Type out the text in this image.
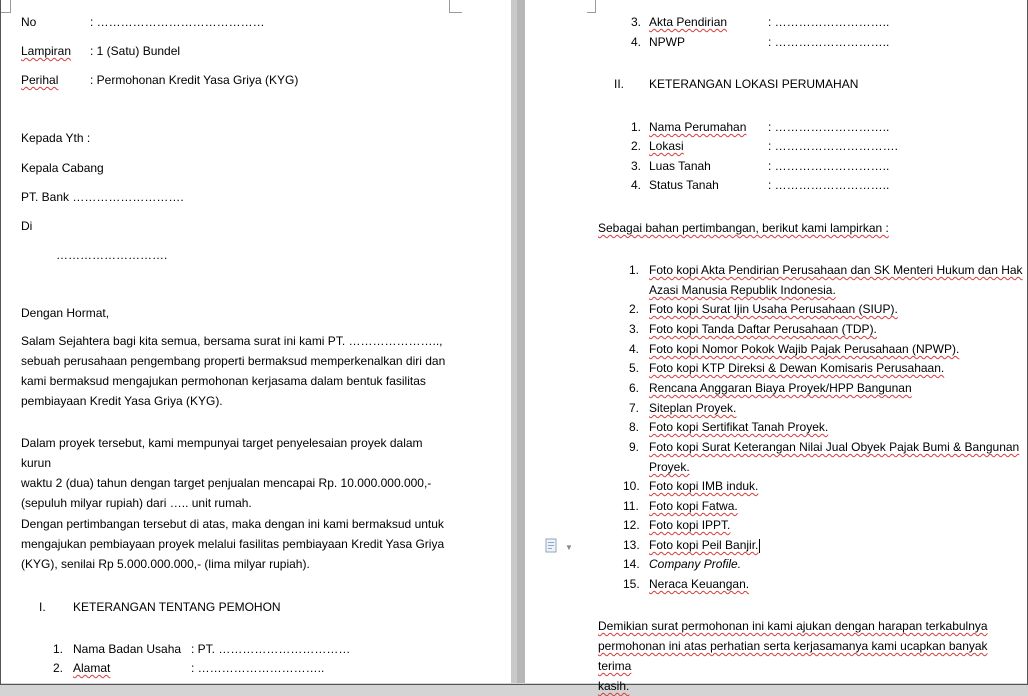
No	: ……………………………………
Lampiran : 1 (Satu) Bundel
Perihal	: Permohonan Kredit Yasa Griya (KYG)
Kepada Yth :
Kepala Cabang
PT. Bank ……………………….
Di
……………………….
Dengan Hormat,
Salam Sejahtera bagi kita semua, bersama surat ini kami PT. …………………..,
sebuah perusahaan pengembang properti bermaksud memperkenalkan diri dan
kami bermaksud mengajukan permohonan kerjasama dalam bentuk fasilitas
pembiayaan Kredit Yasa Griya (KYG).
Dalam proyek tersebut, kami mempunyai target penyelesaian proyek dalam kurun
waktu 2 (dua) tahun dengan target penjualan mencapai Rp. 10.000.000.000,-
(sepuluh milyar rupiah) dari ….. unit rumah.
Dengan pertimbangan tersebut di atas, maka dengan ini kami bermaksud untuk
mengajukan pembiayaan proyek melalui fasilitas pembiayaan Kredit Yasa Griya
(KYG), senilai Rp 5.000.000.000,- (lima milyar rupiah).
I. KETERANGAN TENTANG PEMOHON
1. Nama Badan Usaha : PT. ……………………………
2. Alamat	: …………………………..
3. Akta Pendirian	: ………………………..
4. NPWP	: ………………………..
II. KETERANGAN LOKASI PERUMAHAN
1. Nama Perumahan : ………………………..
2. Lokasi	: ………………………….
3. Luas Tanah	: ………………………..
4. Status Tanah	: ………………………..
Sebagai bahan pertimbangan, berikut kami lampirkan :
1. Foto kopi Akta Pendirian Perusahaan dan SK Menteri Hukum dan Hak
Azasi Manusia Republik Indonesia.
2. Foto kopi Surat Ijin Usaha Perusahaan (SIUP).
3. Foto kopi Tanda Daftar Perusahaan (TDP).
4. Foto kopi Nomor Pokok Wajib Pajak Perusahaan (NPWP).
5. Foto kopi KTP Direksi & Dewan Komisaris Perusahaan.
6. Rencana Anggaran Biaya Proyek/HPP Bangunan
7. Siteplan Proyek.
8. Foto kopi Sertifikat Tanah Proyek.
9. Foto kopi Surat Keterangan Nilai Jual Obyek Pajak Bumi & Bangunan
Proyek.
10. Foto kopi IMB induk.
11. Foto kopi Fatwa.
12. Foto kopi IPPT.
13. Foto kopi Peil Banjir.
14. Company Profile.
15. Neraca Keuangan.
Demikian surat permohonan ini kami ajukan dengan harapan terkabulnya
permohonan ini atas perhatian serta kerjasamanya kami ucapkan banyak terima
kasih.
▼
